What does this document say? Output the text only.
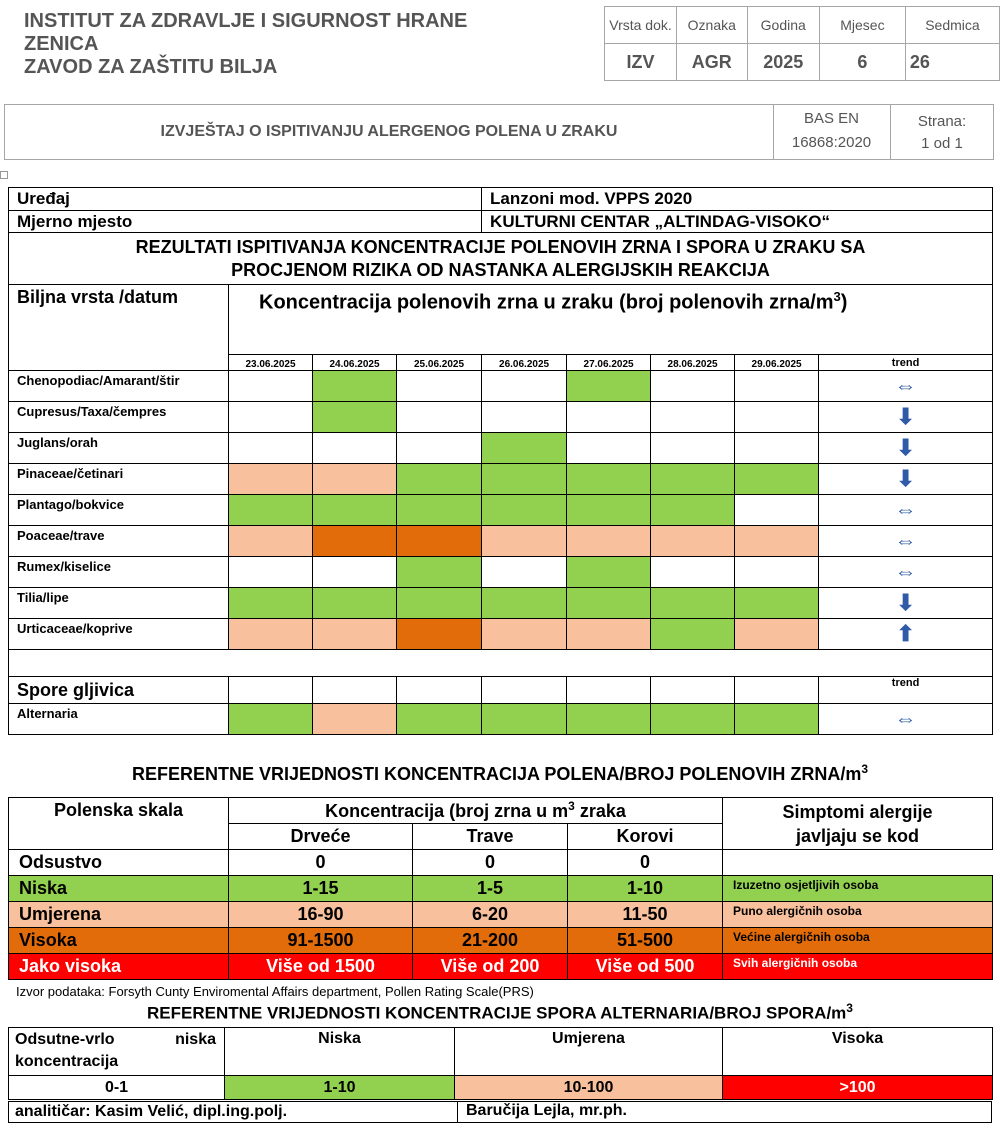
INSTITUT ZA ZDRAVLJE I SIGURNOST HRANE
ZENICA
ZAVOD ZA ZAŠTITU BILJA
Vrsta dok.	Oznaka	Godina	Mjesec	Sedmica
IZV	AGR	2025	6	26
IZVJEŠTAJ O ISPITIVANJU ALERGENOG POLENA U ZRAKU
BAS EN
16868:2020
Strana:
1 od 1
Uređaj				Lanzoni mod. VPPS 2020				
Mjerno mjesto				KULTURNI CENTAR „ALTINDAG-VISOKO“				

REZULTATI ISPITIVANJA KONCENTRACIJE POLENOVIH ZRNA I SPORA U ZRAKU SA
PROCJENOM RIZIKA OD NASTANKA ALERGIJSKIH REAKCIJA								

Biljna vrsta /datum	Koncentracija polenovih zrna u zraku (broj polenovih zrna/$m^3$)							
	23.06.2025	24.06.2025	25.06.2025	26.06.2025	27.06.2025	28.06.2025	29.06.2025	trend
Chenopodiac/Amarant/štir								⇔
Cupresus/Taxa/čempres								⬇
Juglans/orah								⬇
Pinaceae/četinari								⬇
Plantago/bokvice								⇔
Poaceae/trave								⇔
Rumex/kiselice								⇔
Tilia/lipe								⬇
Urticaceae/koprive								⬆

Spore gljivica								trend
Alternaria								⇔
REFERENTNE VRIJEDNOSTI KONCENTRACIJA POLENA/BROJ POLENOVIH ZRNA/$m^3$
Polenska skala	Koncentracija (broj zrna u $m^3$ zraka			Simptomi alergije
javljaju se kod

	Drveće	Trave	Korovi	
Odsustvo	0	0	0	
Niska	1-15	1-5	1-10	Izuzetno osjetljivih osoba
Umjerena	16-90	6-20	11-50	Puno alergičnih osoba
Visoka	91-1500	21-200	51-500	Većine alergičnih osoba
Jako visoka	Više od 1500	Više od 200	Više od 500	Svih alergičnih osoba
Izvor podataka: Forsyth Cunty Enviromental Affairs department, Pollen Rating Scale(PRS)
REFERENTNE VRIJEDNOSTI KONCENTRACIJE SPORA ALTERNARIA/BROJ SPORA/$m^3$
Odsutne-vrlo niska koncentracija	Niska	Umjerena	Visoka
0-1	1-10	10-100	>100
analitičar: Kasim Velić, dipl.ing.polj.	Baručija Lejla, mr.ph.
